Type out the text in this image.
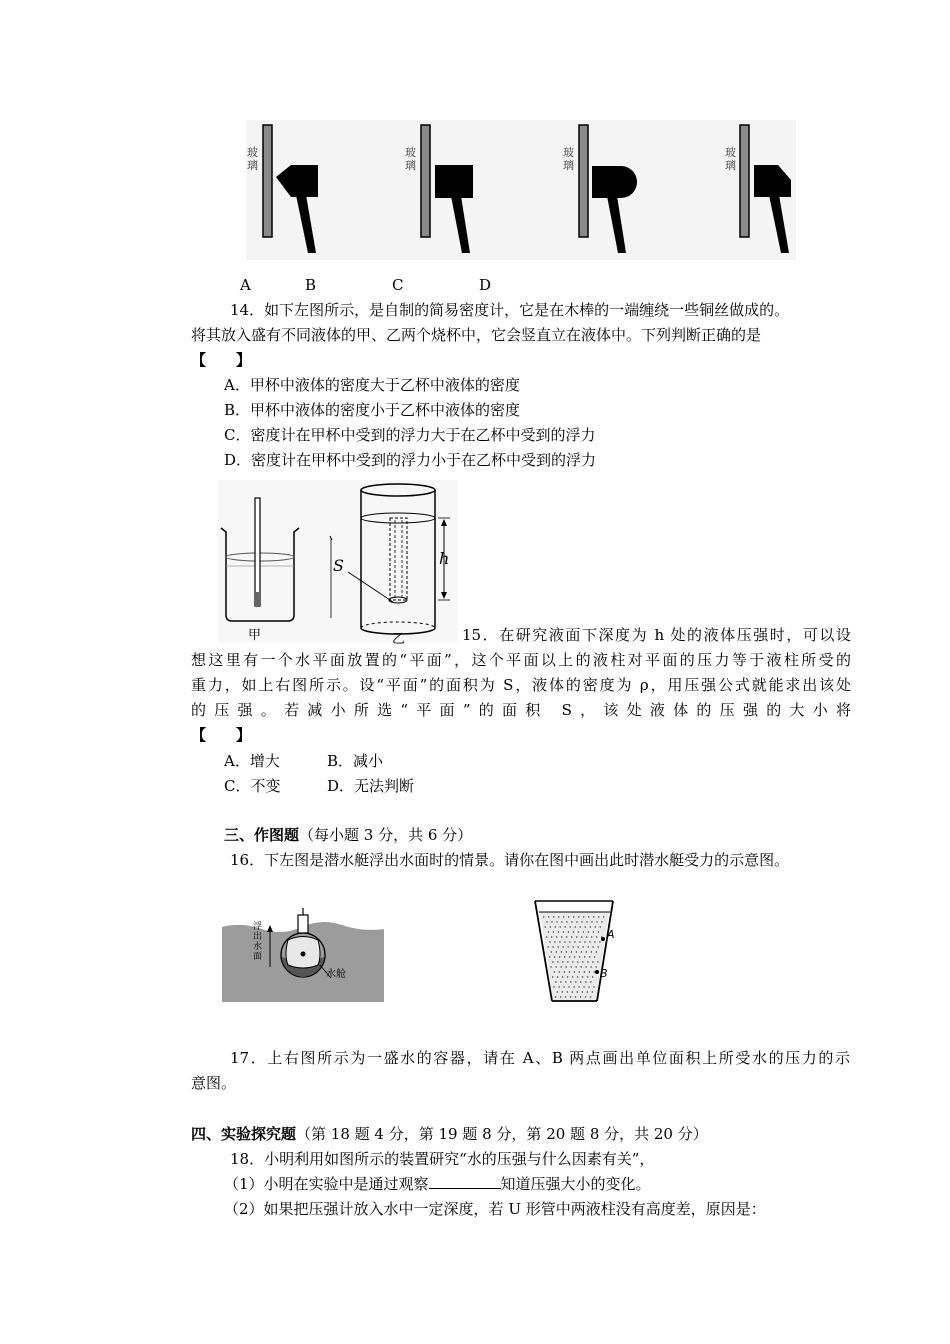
玻璃
玻璃
玻璃
玻璃
A	B	C	D
14．如下左图所示，是自制的简易密度计，它是在木棒的一端缠绕一些铜丝做成的。
将其放入盛有不同液体的甲、乙两个烧杯中，它会竖直立在液体中。下列判断正确的是
【　　】
A．甲杯中液体的密度大于乙杯中液体的密度
B．甲杯中液体的密度小于乙杯中液体的密度
C．密度计在甲杯中受到的浮力大于在乙杯中受到的浮力
D．密度计在甲杯中受到的浮力小于在乙杯中受到的浮力
甲	乙
S	h
15．在研究液面下深度为 h 处的液体压强时，可以设
想这里有一个水平面放置的“平面”，这个平面以上的液柱对平面的压力等于液柱所受的
重力，如上右图所示。设“平面”的面积为 S，液体的密度为 ρ，用压强公式就能求出该处
的压强。若减小所选“平面”的面积 S，该处液体的压强的大小将
【　　】
A．增大	B．减小
C．不变	D．无法判断
三、作图题（每小题 3 分，共 6 分）
16．下左图是潜水艇浮出水面时的情景。请你在图中画出此时潜水艇受力的示意图。
浮出水面
水舱
A
B
17．上右图所示为一盛水的容器，请在 A、B 两点画出单位面积上所受水的压力的示
意图。
四、实验探究题（第 18 题 4 分，第 19 题 8 分，第 20 题 8 分，共 20 分）
18．小明利用如图所示的装置研究“水的压强与什么因素有关”，
（1）小明在实验中是通过观察	知道压强大小的变化。
（2）如果把压强计放入水中一定深度，若 U 形管中两液柱没有高度差，原因是：
